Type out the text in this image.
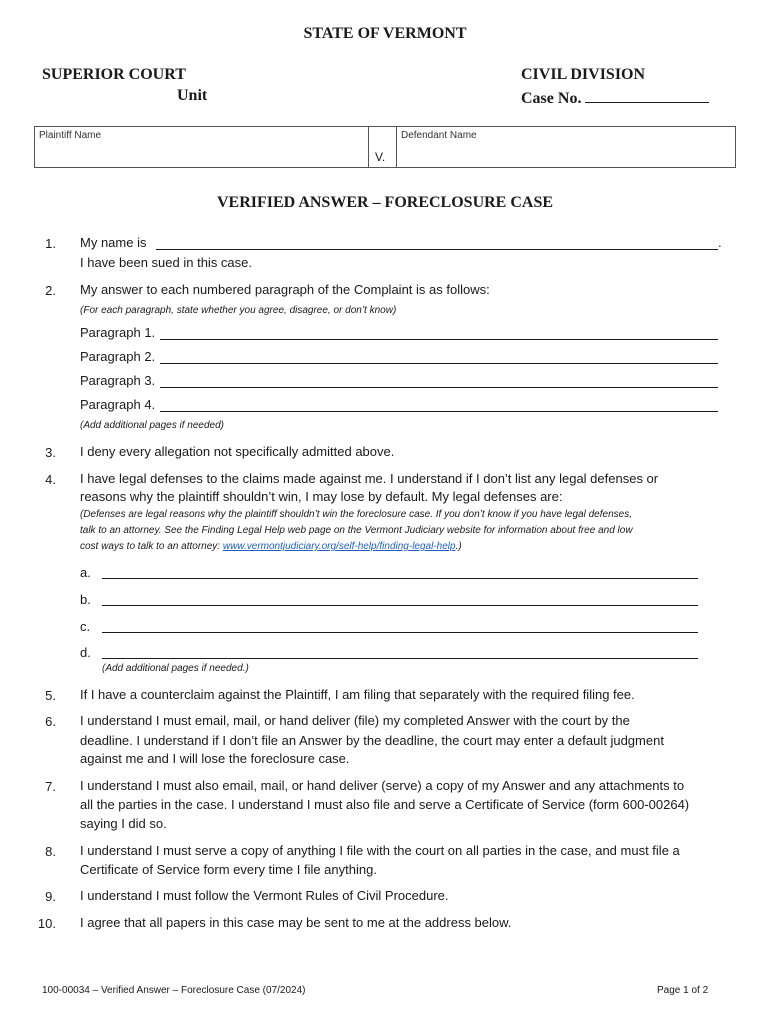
STATE OF VERMONT
SUPERIOR COURT
Unit
CIVIL DIVISION
Case No.
Plaintiff Name
V.
Defendant Name
VERIFIED ANSWER – FORECLOSURE CASE
1. My name is	.
I have been sued in this case.
2. My answer to each numbered paragraph of the Complaint is as follows:
(For each paragraph, state whether you agree, disagree, or don’t know)
Paragraph 1.
Paragraph 2.
Paragraph 3.
Paragraph 4.
(Add additional pages if needed)
3. I deny every allegation not specifically admitted above.
4. I have legal defenses to the claims made against me. I understand if I don’t list any legal defenses or
reasons why the plaintiff shouldn’t win, I may lose by default. My legal defenses are:
(Defenses are legal reasons why the plaintiff shouldn’t win the foreclosure case. If you don’t know if you have legal defenses,
talk to an attorney. See the Finding Legal Help web page on the Vermont Judiciary website for information about free and low
cost ways to talk to an attorney: www.vermontjudiciary.org/self-help/finding-legal-help.)
a.
b.
c.
d.
(Add additional pages if needed.)
5. If I have a counterclaim against the Plaintiff, I am filing that separately with the required filing fee.
6. I understand I must email, mail, or hand deliver (file) my completed Answer with the court by the
deadline. I understand if I don’t file an Answer by the deadline, the court may enter a default judgment
against me and I will lose the foreclosure case.
7. I understand I must also email, mail, or hand deliver (serve) a copy of my Answer and any attachments to
all the parties in the case. I understand I must also file and serve a Certificate of Service (form 600-00264)
saying I did so.
8. I understand I must serve a copy of anything I file with the court on all parties in the case, and must file a
Certificate of Service form every time I file anything.
9. I understand I must follow the Vermont Rules of Civil Procedure.
10. I agree that all papers in this case may be sent to me at the address below.
100-00034 – Verified Answer – Foreclosure Case (07/2024)	Page 1 of 2
